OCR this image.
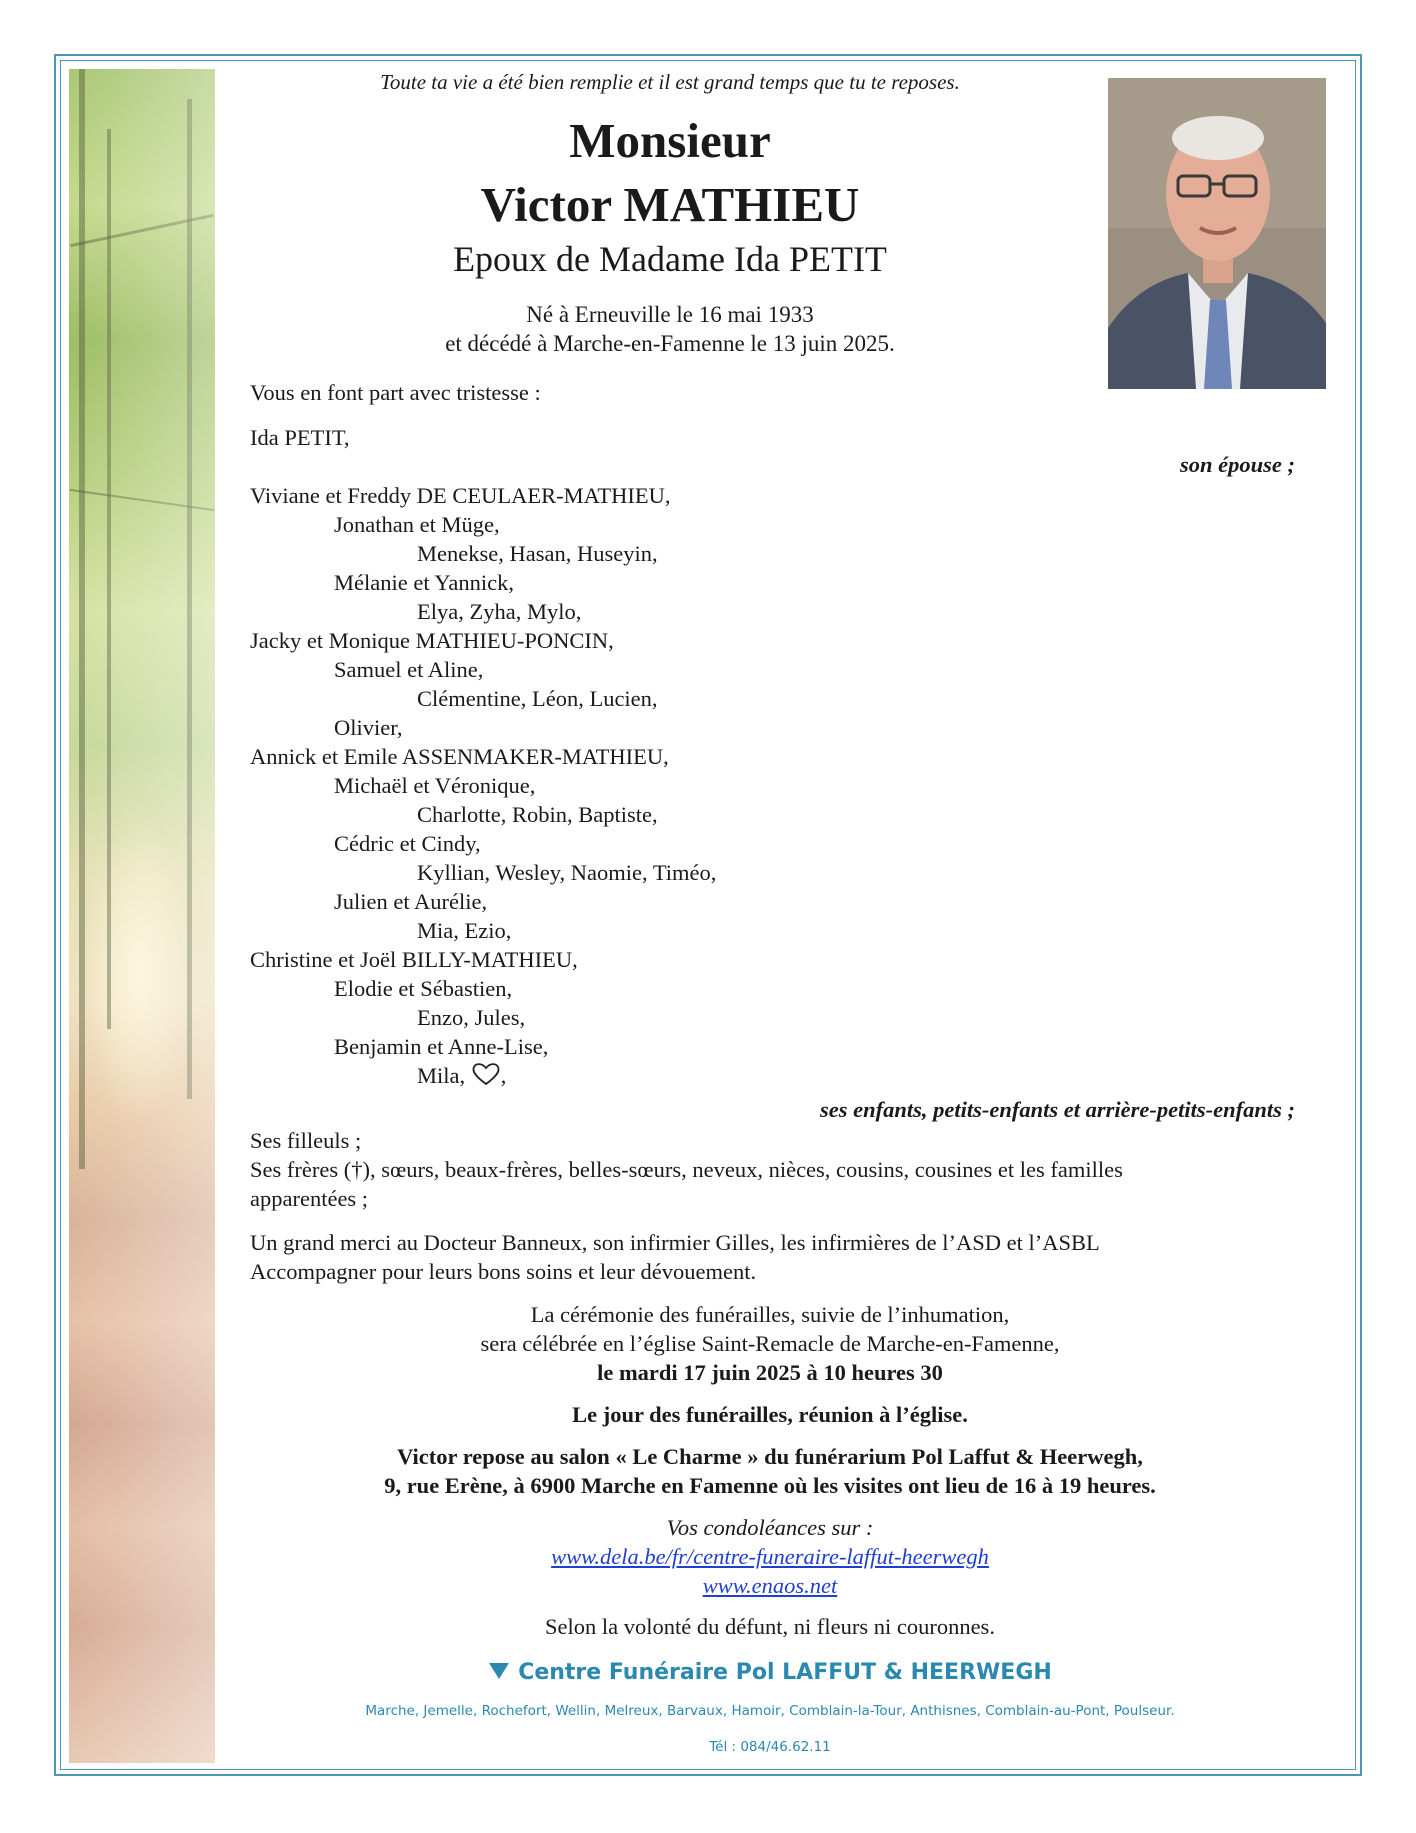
Toute ta vie a été bien remplie et il est grand temps que tu te reposes.
Monsieur
Victor MATHIEU
Epoux de Madame Ida PETIT
Né à Erneuville le 16 mai 1933
et décédé à Marche-en-Famenne le 13 juin 2025.
Vous en font part avec tristesse :
Ida PETIT,
son épouse ;
Viviane et Freddy DE CEULAER-MATHIEU,
Jonathan et Müge,
Menekse, Hasan, Huseyin,
Mélanie et Yannick,
Elya, Zyha, Mylo,
Jacky et Monique MATHIEU-PONCIN,
Samuel et Aline,
Clémentine, Léon, Lucien,
Olivier,
Annick et Emile ASSENMAKER-MATHIEU,
Michaël et Véronique,
Charlotte, Robin, Baptiste,
Cédric et Cindy,
Kyllian, Wesley, Naomie, Timéo,
Julien et Aurélie,
Mia, Ezio,
Christine et Joël BILLY-MATHIEU,
Elodie et Sébastien,
Enzo, Jules,
Benjamin et Anne-Lise,
Mila, ,
ses enfants, petits-enfants et arrière-petits-enfants ;
Ses filleuls ;
Ses frères (†), sœurs, beaux-frères, belles-sœurs, neveux, nièces, cousins, cousines et les familles
apparentées ;
Un grand merci au Docteur Banneux, son infirmier Gilles, les infirmières de l’ASD et l’ASBL
Accompagner pour leurs bons soins et leur dévouement.
La cérémonie des funérailles, suivie de l’inhumation,
sera célébrée en l’église Saint-Remacle de Marche-en-Famenne,
le mardi 17 juin 2025 à 10 heures 30
Le jour des funérailles, réunion à l’église.
Victor repose au salon « Le Charme » du funérarium Pol Laffut & Heerwegh,
9, rue Erène, à 6900 Marche en Famenne où les visites ont lieu de 16 à 19 heures.
Vos condoléances sur :
www.dela.be/fr/centre-funeraire-laffut-heerwegh
www.enaos.net
Selon la volonté du défunt, ni fleurs ni couronnes.
Centre Funéraire Pol LAFFUT & HEERWEGH
Marche, Jemelle, Rochefort, Wellin, Melreux, Barvaux, Hamoir, Comblain-la-Tour, Anthisnes, Comblain-au-Pont, Poulseur.
Tél : 084/46.62.11
